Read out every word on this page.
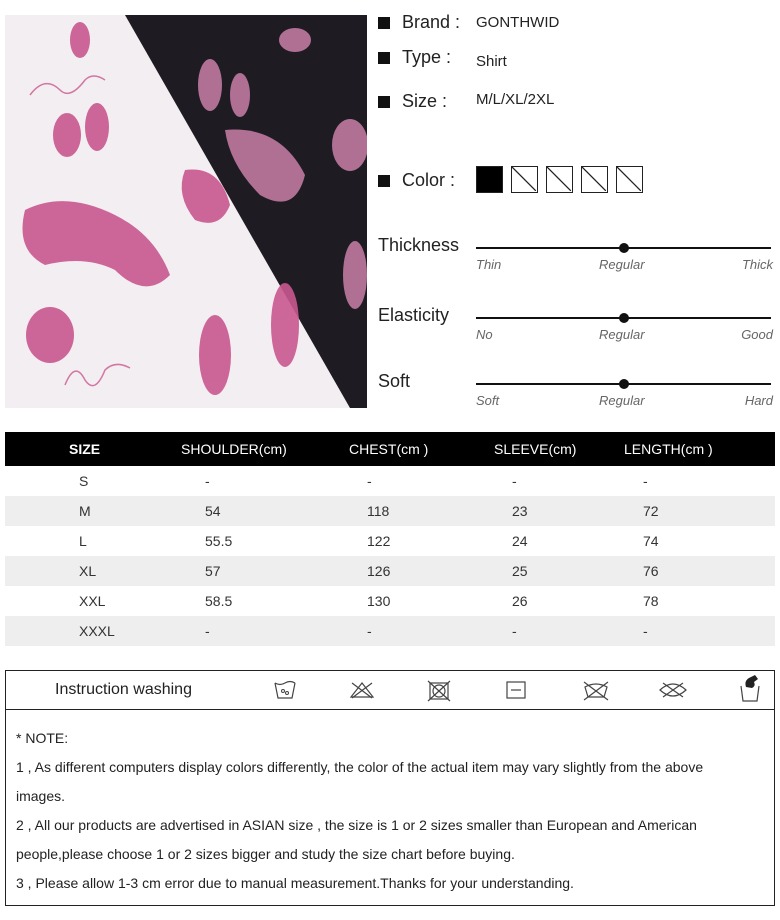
Brand : GONTHWID
Type : Shirt
Size : M/L/XL/2XL
Color :
Thickness
Thin	Regular	Thick
Elasticity
No	Regular	Good
Soft
Soft	Regular	Hard
SIZE	SHOULDER(cm)	CHEST(cm )	SLEEVE(cm)	LENGTH(cm )
S	-	-	-	-
M	54	118	23	72
L	55.5	122	24	74
XL	57	126	25	76
XXL	58.5	130	26	78
XXXL	-	-	-	-
Instruction washing
* NOTE:
1 , As different computers display colors differently, the color of the actual item may vary slightly from the above
images.
2 , All our products are advertised in ASIAN size , the size is 1 or 2 sizes smaller than European and American
people,please choose 1 or 2 sizes bigger and study the size chart before buying.
3 , Please allow 1-3 cm error due to manual measurement.Thanks for your understanding.
